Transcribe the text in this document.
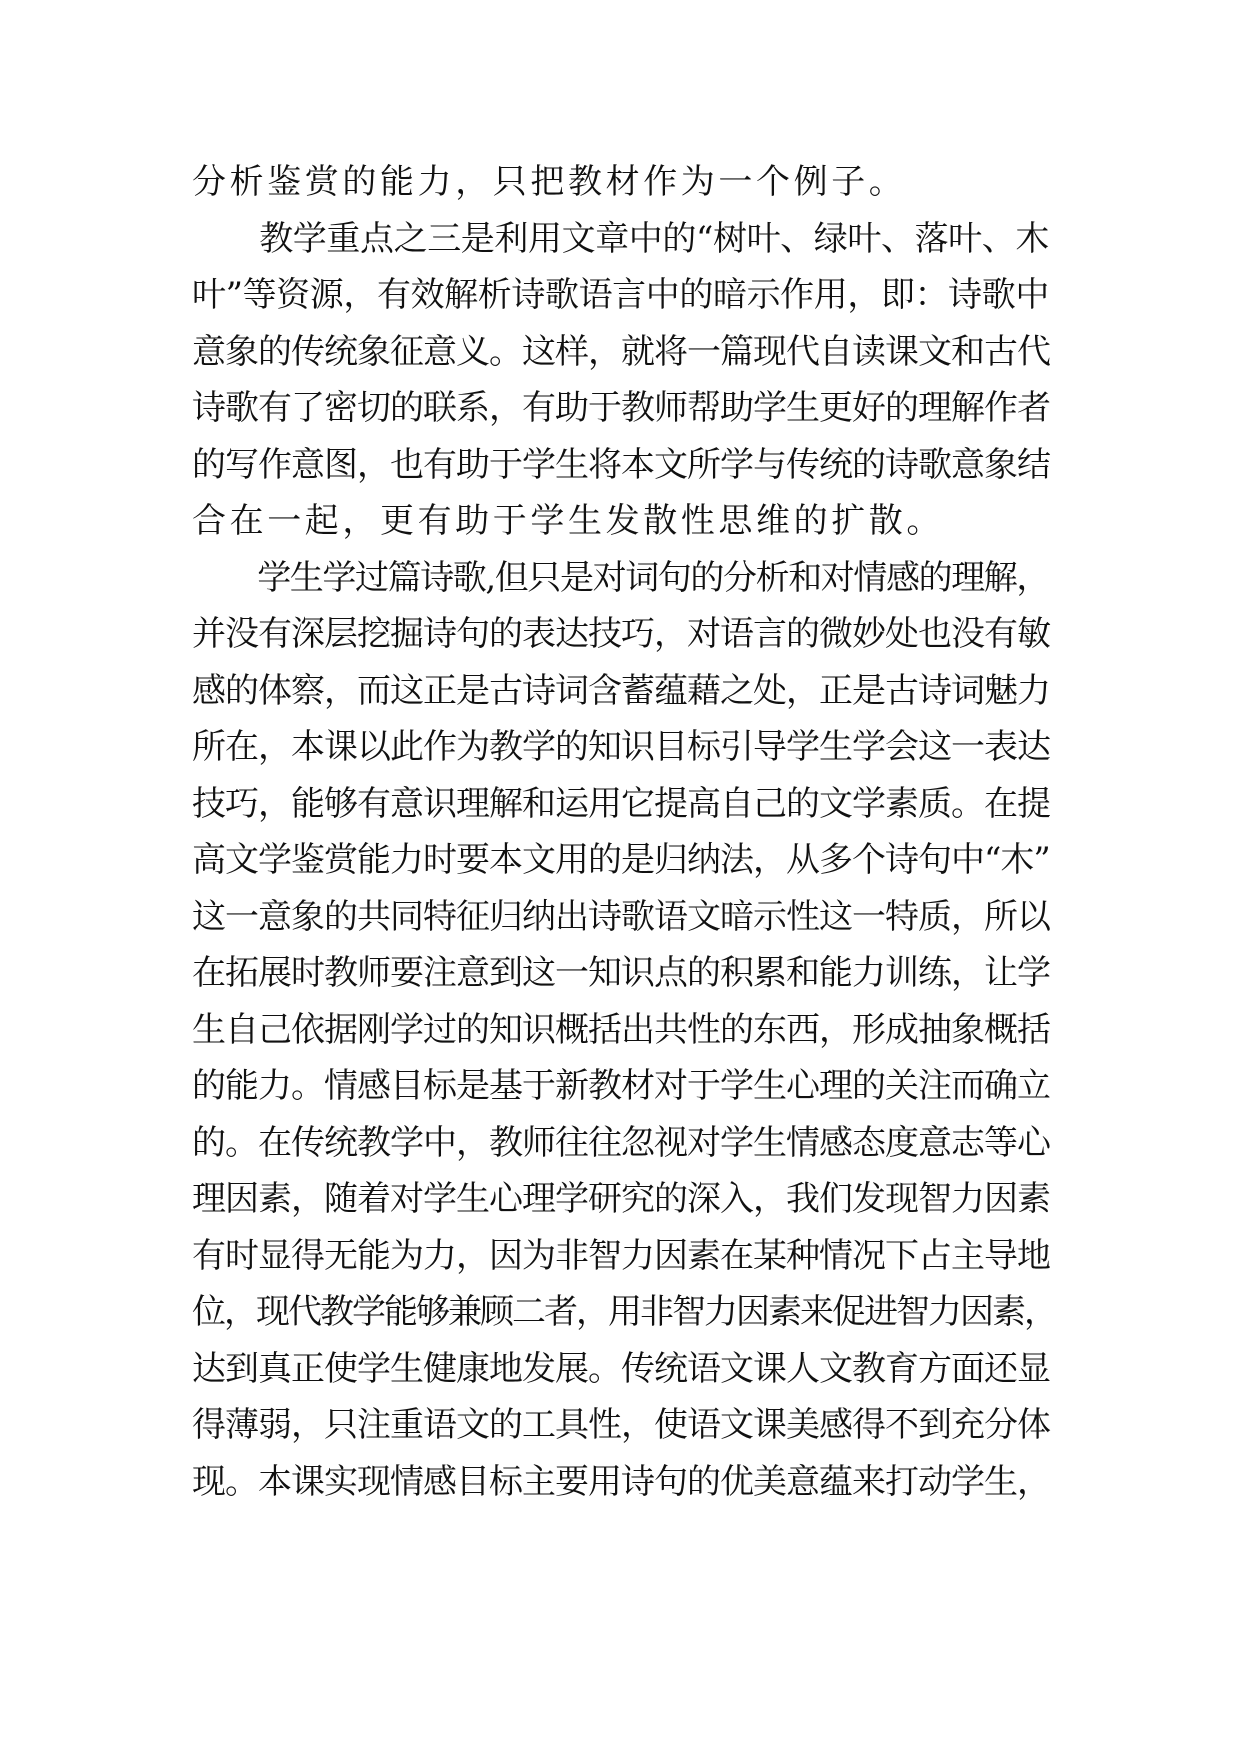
分析鉴赏的能力，只把教材作为一个例子。
　　教学重点之三是利用文章中的“树叶、绿叶、落叶、木
叶”等资源，有效解析诗歌语言中的暗示作用，即：诗歌中
意象的传统象征意义。这样，就将一篇现代自读课文和古代
诗歌有了密切的联系，有助于教师帮助学生更好的理解作者
的写作意图，也有助于学生将本文所学与传统的诗歌意象结
合在一起，更有助于学生发散性思维的扩散。
　　学生学过篇诗歌,但只是对词句的分析和对情感的理解，
并没有深层挖掘诗句的表达技巧，对语言的微妙处也没有敏
感的体察，而这正是古诗词含蓄蕴藉之处，正是古诗词魅力
所在，本课以此作为教学的知识目标引导学生学会这一表达
技巧，能够有意识理解和运用它提高自己的文学素质。在提
高文学鉴赏能力时要本文用的是归纳法，从多个诗句中“木”
这一意象的共同特征归纳出诗歌语文暗示性这一特质，所以
在拓展时教师要注意到这一知识点的积累和能力训练，让学
生自己依据刚学过的知识概括出共性的东西，形成抽象概括
的能力。情感目标是基于新教材对于学生心理的关注而确立
的。在传统教学中，教师往往忽视对学生情感态度意志等心
理因素，随着对学生心理学研究的深入，我们发现智力因素
有时显得无能为力，因为非智力因素在某种情况下占主导地
位，现代教学能够兼顾二者，用非智力因素来促进智力因素，
达到真正使学生健康地发展。传统语文课人文教育方面还显
得薄弱，只注重语文的工具性，使语文课美感得不到充分体
现。本课实现情感目标主要用诗句的优美意蕴来打动学生，
